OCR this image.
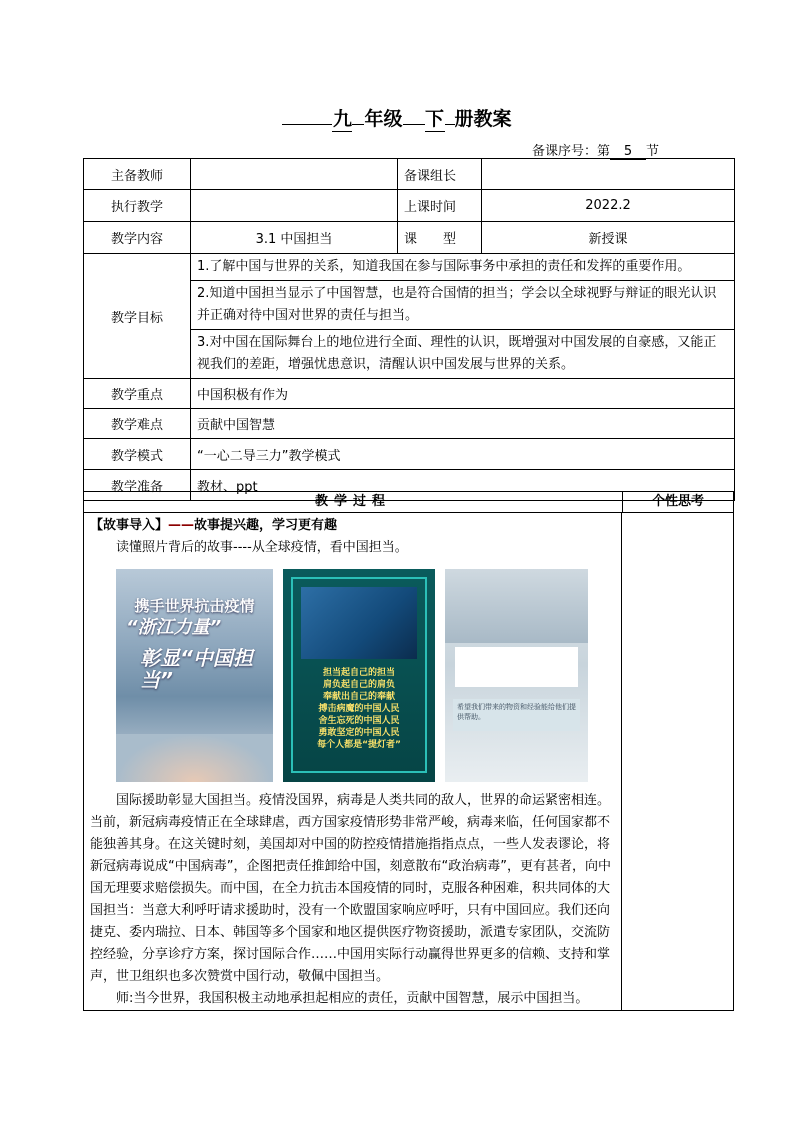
九 年级 下 册教案
备课序号：第 5 节
主备教师		备课组长	
执行教学		上课时间	2022.2
教学内容	3.1 中国担当	课　　型	新授课
教学目标	1.了解中国与世界的关系，知道我国在参与国际事务中承担的责任和发挥的重要作用。		
	2.知道中国担当显示了中国智慧，也是符合国情的担当；学会以全球视野与辩证的眼光认识并正确对待中国对世界的责任与担当。		
	3.对中国在国际舞台上的地位进行全面、理性的认识，既增强对中国发展的自豪感，又能正视我们的差距，增强忧患意识，清醒认识中国发展与世界的关系。		
教学重点	中国积极有作为		
教学难点	贡献中国智慧		
教学模式	“一心二导三力”教学模式		
教学准备	教材、ppt		
教学过程	个性思考
【故事导入】——故事提兴趣，学习更有趣
读懂照片背后的故事----从全球疫情，看中国担当。
携手世界抗击疫情
“浙江力量”
彰显“中国担当”	担当起自己的担当
肩负起自己的肩负
奉献出自己的奉献
搏击病魔的中国人民
舍生忘死的中国人民
勇敢坚定的中国人民
每个人都是“提灯者”
希望我们带来的物资和经验能给他们提供帮助。
国际援助彰显大国担当。疫情没国界，病毒是人类共同的敌人，世界的命运紧密相连。当前，新冠病毒疫情正在全球肆虐，西方国家疫情形势非常严峻，病毒来临，任何国家都不能独善其身。在这关键时刻，美国却对中国的防控疫情措施指指点点，一些人发表谬论，将新冠病毒说成“中国病毒”，企图把责任推卸给中国，刻意散布“政治病毒”，更有甚者，向中国无理要求赔偿损失。而中国，在全力抗击本国疫情的同时，克服各种困难，积共同体的大国担当：当意大利呼吁请求援助时，没有一个欧盟国家响应呼吁，只有中国回应。我们还向捷克、委内瑞拉、日本、韩国等多个国家和地区提供医疗物资援助，派遣专家团队，交流防控经验，分享诊疗方案，探讨国际合作……中国用实际行动赢得世界更多的信赖、支持和掌声，世卫组织也多次赞赏中国行动，敬佩中国担当。
师:当今世界，我国积极主动地承担起相应的责任，贡献中国智慧，展示中国担当。
